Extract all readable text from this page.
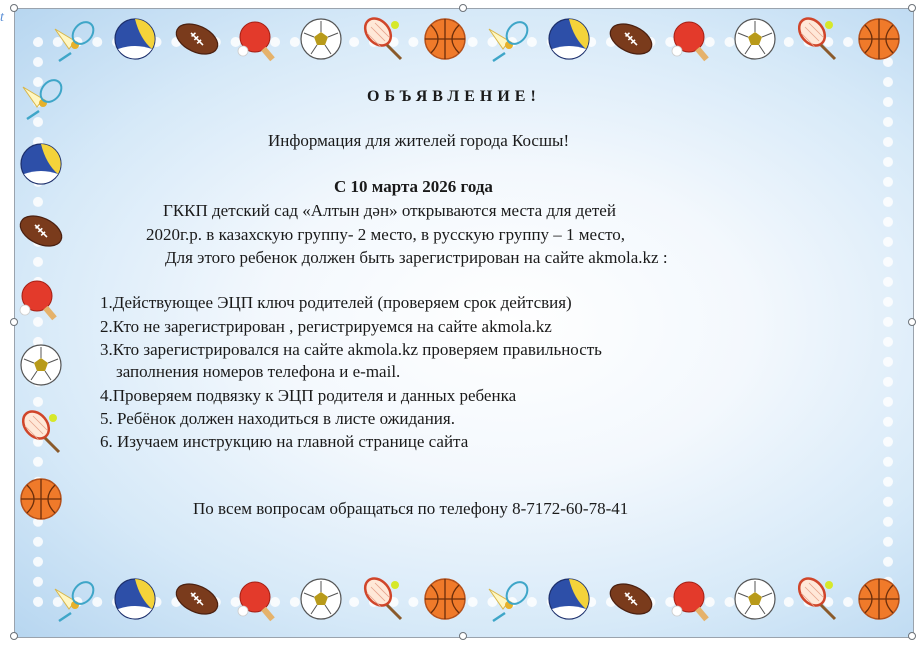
t
ОБЪЯВЛЕНИЕ!
Информация для жителей города Косшы!
С 10 марта 2026 года
ГККП детский сад «Алтын дән» открываются места для детей
2020г.р. в казахскую группу- 2 место, в русскую группу – 1 место,
Для этого ребенок должен быть зарегистрирован на сайте akmola.kz :
1.Действующее ЭЦП ключ родителей (проверяем срок дейтсвия)
2.Кто не зарегистрирован , регистрируемся на сайте akmola.kz
3.Кто зарегистрировался на сайте akmola.kz проверяем правильность
заполнения номеров телефона и e-mail.
4.Проверяем подвязку к ЭЦП родителя и данных ребенка
5. Ребёнок должен находиться в листе ожидания.
6. Изучаем инструкцию на главной странице сайта
По всем вопросам обращаться по телефону 8-7172-60-78-41
